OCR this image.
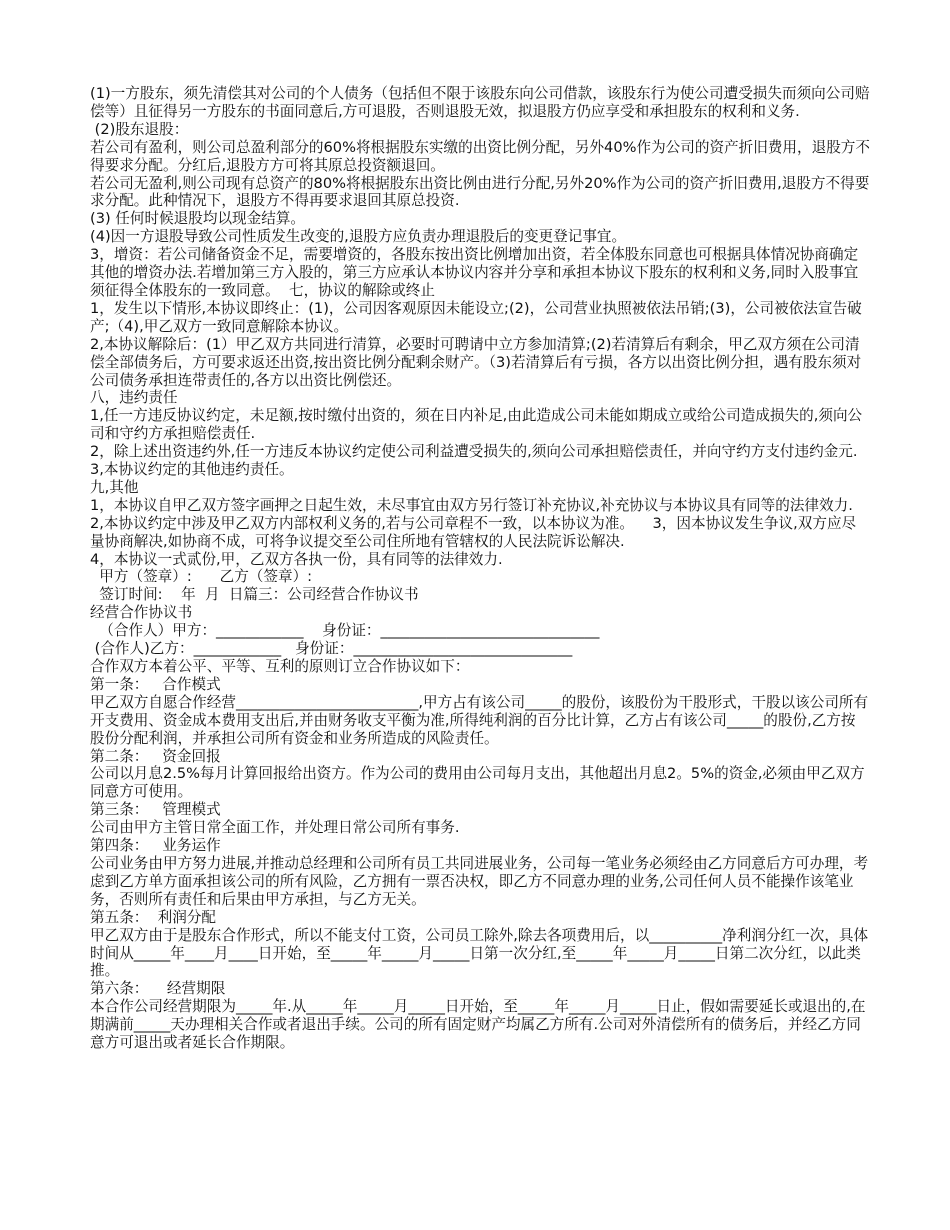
(1)一方股东，须先清偿其对公司的个人债务（包括但不限于该股东向公司借款，该股东行为使公司遭受损失而须向公司赔偿等）且征得另一方股东的书面同意后,方可退股，否则退股无效，拟退股方仍应享受和承担股东的权利和义务.

(2)股东退股：

若公司有盈利，则公司总盈利部分的60%将根据股东实缴的出资比例分配，另外40%作为公司的资产折旧费用，退股方不得要求分配。分红后,退股方方可将其原总投资额退回。

若公司无盈利,则公司现有总资产的80%将根据股东出资比例由进行分配,另外20%作为公司的资产折旧费用,退股方不得要求分配。此种情况下，退股方不得再要求退回其原总投资.

(3) 任何时候退股均以现金结算。

(4)因一方退股导致公司性质发生改变的,退股方应负责办理退股后的变更登记事宜。

3，增资：若公司储备资金不足，需要增资的，各股东按出资比例增加出资，若全体股东同意也可根据具体情况协商确定其他的增资办法.若增加第三方入股的，第三方应承认本协议内容并分享和承担本协议下股东的权利和义务,同时入股事宜须征得全体股东的一致同意。  七，协议的解除或终止

1，发生以下情形,本协议即终止：(1)，公司因客观原因未能设立;(2)，公司营业执照被依法吊销;(3)，公司被依法宣告破产;（4),甲乙双方一致同意解除本协议。

2,本协议解除后：(1）甲乙双方共同进行清算，必要时可聘请中立方参加清算;(2)若清算后有剩余，甲乙双方须在公司清偿全部债务后，方可要求返还出资,按出资比例分配剩余财产。（3)若清算后有亏损，各方以出资比例分担，遇有股东须对公司债务承担连带责任的,各方以出资比例偿还。

八，违约责任

1,任一方违反协议约定，未足额,按时缴付出资的，须在日内补足,由此造成公司未能如期成立或给公司造成损失的,须向公司和守约方承担赔偿责任.

2，除上述出资违约外,任一方违反本协议约定使公司利益遭受损失的,须向公司承担赔偿责任，并向守约方支付违约金元.

3,本协议约定的其他违约责任。

九,其他

1，本协议自甲乙双方签字画押之日起生效，未尽事宜由双方另行签订补充协议,补充协议与本协议具有同等的法律效力.

2,本协议约定中涉及甲乙双方内部权利义务的,若与公司章程不一致，以本协议为准。    3，因本协议发生争议,双方应尽量协商解决,如协商不成，可将争议提交至公司住所地有管辖权的人民法院诉讼解决.

4，本协议一式贰份,甲，乙双方各执一份，具有同等的法律效力.

甲方（签章）:      乙方（签章）:

签订时间:    年  月  日篇三：公司经营合作协议书

经营合作协议书

（合作人）甲方：____________    身份证：______________________________

(合作人)乙方：____________   身份证：______________________________

合作双方本着公平、平等、互利的原则订立合作协议如下：

第一条：   合作模式

甲乙双方自愿合作经营_________________________,甲方占有该公司_____的股份，该股份为干股形式，干股以该公司所有开支费用、资金成本费用支出后,并由财务收支平衡为准,所得纯利润的百分比计算，乙方占有该公司_____的股份,乙方按股份分配利润，并承担公司所有资金和业务所造成的风险责任。

第二条：   资金回报

公司以月息2.5%每月计算回报给出资方。作为公司的费用由公司每月支出，其他超出月息2。5%的资金,必须由甲乙双方同意方可使用。

第三条：   管理模式

公司由甲方主管日常全面工作，并处理日常公司所有事务.

第四条：   业务运作

公司业务由甲方努力进展,并推动总经理和公司所有员工共同进展业务，公司每一笔业务必须经由乙方同意后方可办理，考虑到乙方单方面承担该公司的所有风险，乙方拥有一票否决权，即乙方不同意办理的业务,公司任何人员不能操作该笔业务，否则所有责任和后果由甲方承担，与乙方无关。

第五条：  利润分配

甲乙双方由于是股东合作形式，所以不能支付工资，公司员工除外,除去各项费用后，以__________净利润分红一次，具体时间从_____年____月____日开始，至_____年_____月_____日第一次分红,至_____年_____月_____日第二次分红，以此类推。

第六条：    经营期限

本合作公司经营期限为_____年.从_____年_____月_____日开始，至_____年_____月_____日止，假如需要延长或退出的,在期满前_____天办理相关合作或者退出手续。公司的所有固定财产均属乙方所有.公司对外清偿所有的债务后，并经乙方同意方可退出或者延长合作期限。
